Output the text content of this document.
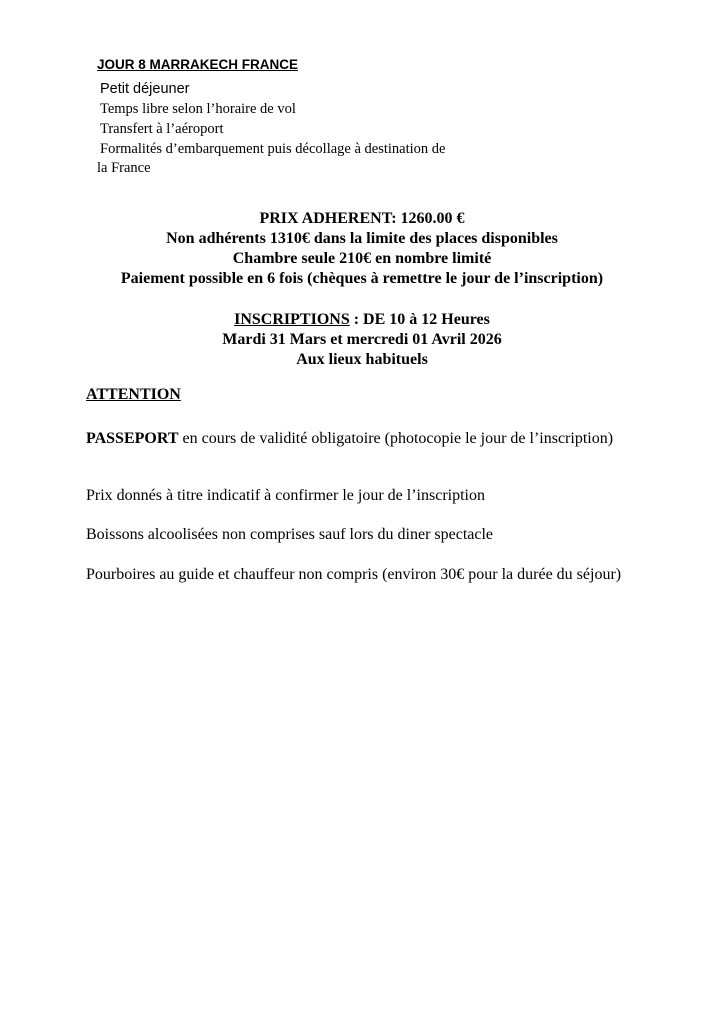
JOUR 8 MARRAKECH FRANCE
Petit déjeuner
Temps libre selon l’horaire de vol
Transfert à l’aéroport
Formalités d’embarquement puis décollage à destination de
la France
PRIX ADHERENT: 1260.00 €
Non adhérents 1310€ dans la limite des places disponibles
Chambre seule 210€ en nombre limité
Paiement possible en 6 fois (chèques à remettre le jour de l’inscription)
INSCRIPTIONS : DE 10 à 12 Heures
Mardi 31 Mars et mercredi 01 Avril 2026
Aux lieux habituels
ATTENTION
PASSEPORT en cours de validité obligatoire (photocopie le jour de l’inscription)
Prix donnés à titre indicatif à confirmer le jour de l’inscription
Boissons alcoolisées non comprises sauf lors du diner spectacle
Pourboires au guide et chauffeur non compris (environ 30€ pour la durée du séjour)
